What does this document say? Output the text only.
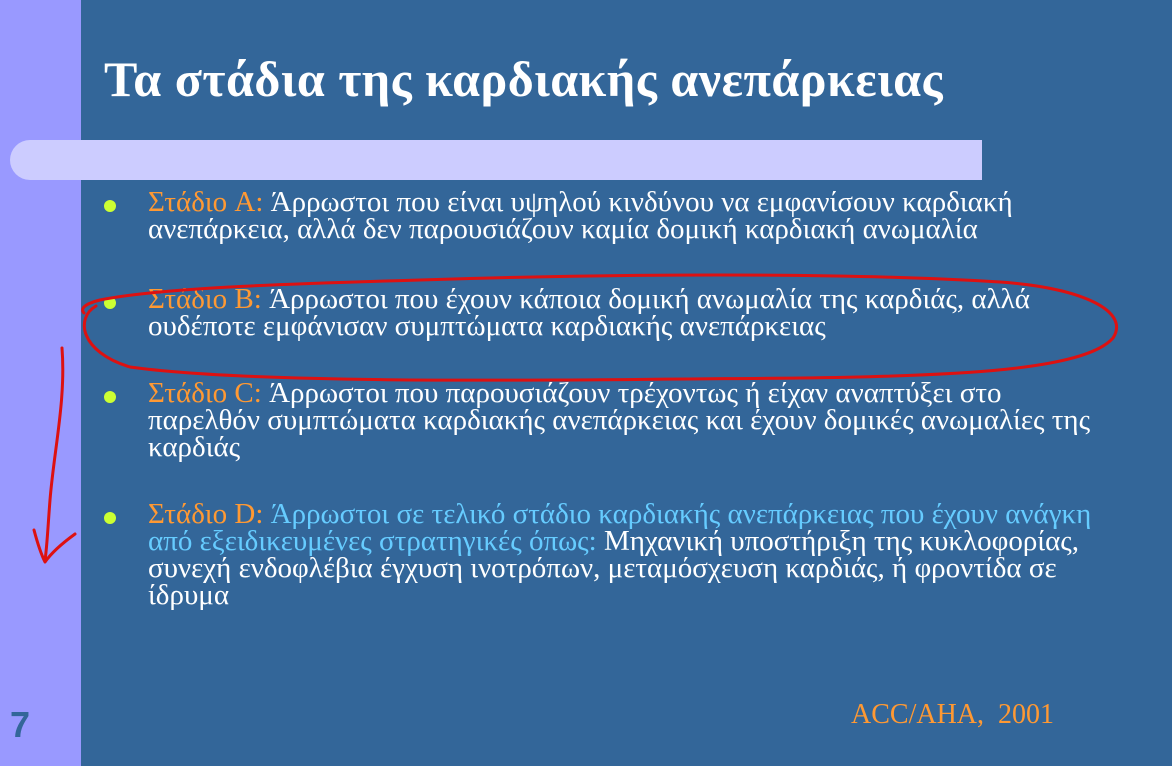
7
Τα στάδια της καρδιακής ανεπάρκειας
Στάδιο A: Άρρωστοι που είναι υψηλού κινδύνου να εμφανίσουν καρδιακή ανεπάρκεια, αλλά δεν παρουσιάζουν καμία δομική καρδιακή ανωμαλία
Στάδιο B: Άρρωστοι που έχουν κάποια δομική ανωμαλία της καρδιάς, αλλά ουδέποτε εμφάνισαν συμπτώματα καρδιακής ανεπάρκειας
Στάδιο C: Άρρωστοι που παρουσιάζουν τρέχοντως ή είχαν αναπτύξει στο παρελθόν συμπτώματα καρδιακής ανεπάρκειας και έχουν δομικές ανωμαλίες της καρδιάς
Στάδιο D: Άρρωστοι σε τελικό στάδιο καρδιακής ανεπάρκειας που έχουν ανάγκη από εξειδικευμένες στρατηγικές όπως: Μηχανική υποστήριξη της κυκλοφορίας, συνεχή ενδοφλέβια έγχυση ινοτρόπων, μεταμόσχευση καρδιάς, ή φροντίδα σε ίδρυμα
ACC/AHA,  2001
